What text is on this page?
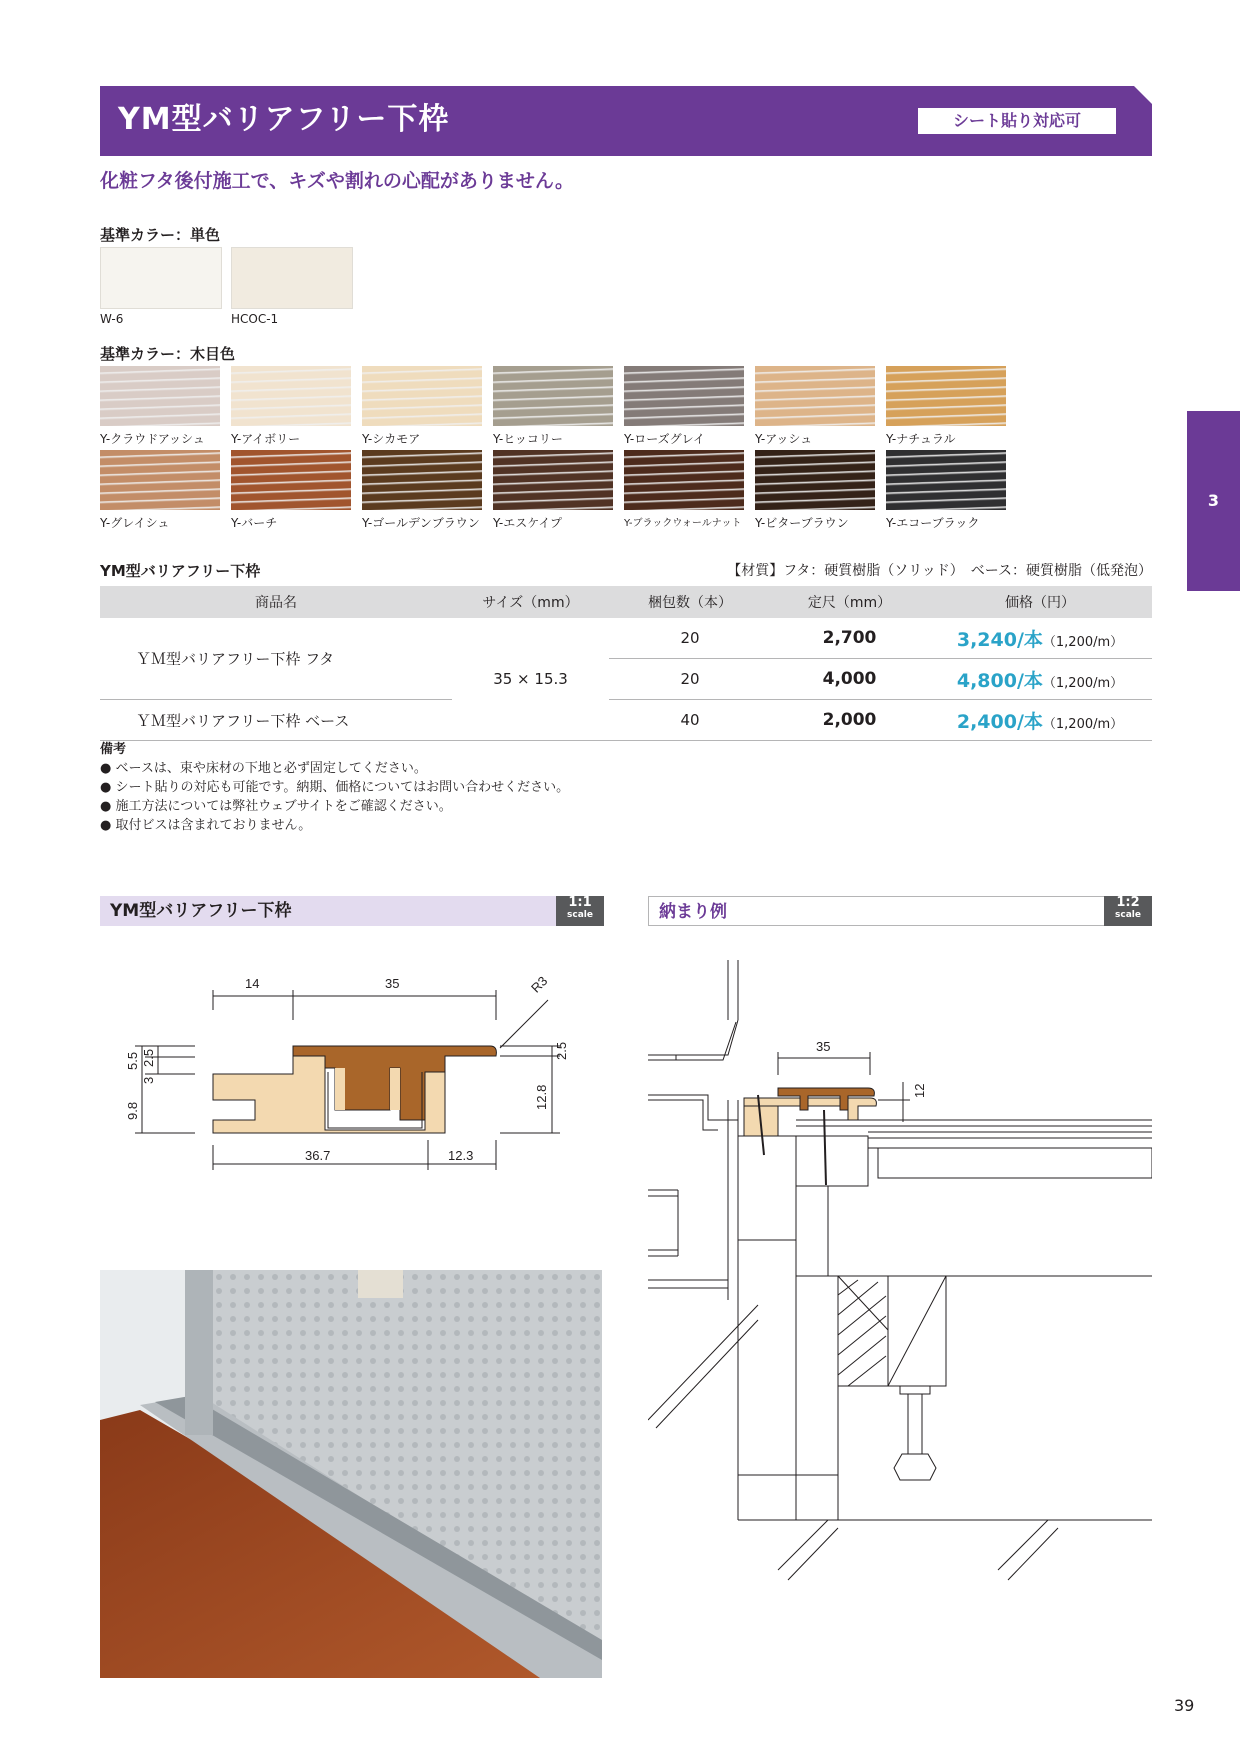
YM型バリアフリー下枠	シート貼り対応可
化粧フタ後付施工で、キズや割れの心配がありません。
3
基準カラー：単色
W-6	HCOC-1
基準カラー：木目色
Y-クラウドアッシュ Y-アイボリー	Y-シカモア	Y-ヒッコリー	Y-ローズグレイ	Y-アッシュ	Y-ナチュラル
Y-グレイシュ	Y-バーチ	Y-ゴールデンブラウン Y-エスケイプ	Y-ブラックウォールナット Y-ビターブラウン	Y-エコーブラック
YM型バリアフリー下枠	【材質】フタ：硬質樹脂（ソリッド）　ベース：硬質樹脂（低発泡）
商品名	サイズ（mm）	梱包数（本）	定尺（mm）	価格（円）
ＹＭ型バリアフリー下枠 フタ	35 × 15.3	20	2,700	3,240/本（1,200/m）
		20	4,000	4,800/本（1,200/m）
ＹＭ型バリアフリー下枠 ベース		40	2,000	2,400/本（1,200/m）
備考
● ベースは、束や床材の下地と必ず固定してください。
● シート貼りの対応も可能です。納期、価格についてはお問い合わせください。
● 施工方法については弊社ウェブサイトをご確認ください。
● 取付ビスは含まれておりません。
YM型バリアフリー下枠	1:1
scale	納まり例	1:2
scale
14	35	R3
2.5
5.5
3
9.8
2.5
12.8
36.7	12.3
35
12
39
